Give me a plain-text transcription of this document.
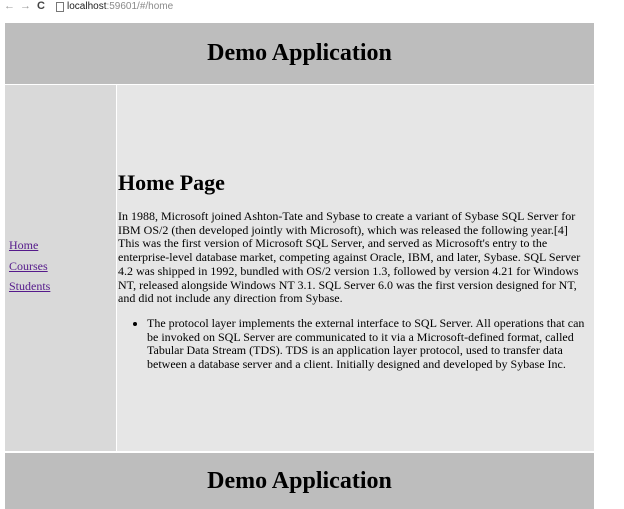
← → C localhost:59601/#/home
Demo Application
Home
Courses
Students
Home Page

In 1988, Microsoft joined Ashton-Tate and Sybase to create a variant of Sybase SQL Server for IBM OS/2 (then developed jointly with Microsoft), which was released the following year.[4] This was the first version of Microsoft SQL Server, and served as Microsoft's entry to the enterprise-level database market, competing against Oracle, IBM, and later, Sybase. SQL Server 4.2 was shipped in 1992, bundled with OS/2 version 1.3, followed by version 4.21 for Windows NT, released alongside Windows NT 3.1. SQL Server 6.0 was the first version designed for NT, and did not include any direction from Sybase.

• The protocol layer implements the external interface to SQL Server. All operations that can be invoked on SQL Server are communicated to it via a Microsoft-defined format, called Tabular Data Stream (TDS). TDS is an application layer protocol, used to transfer data between a database server and a client. Initially designed and developed by Sybase Inc.
Demo Application
